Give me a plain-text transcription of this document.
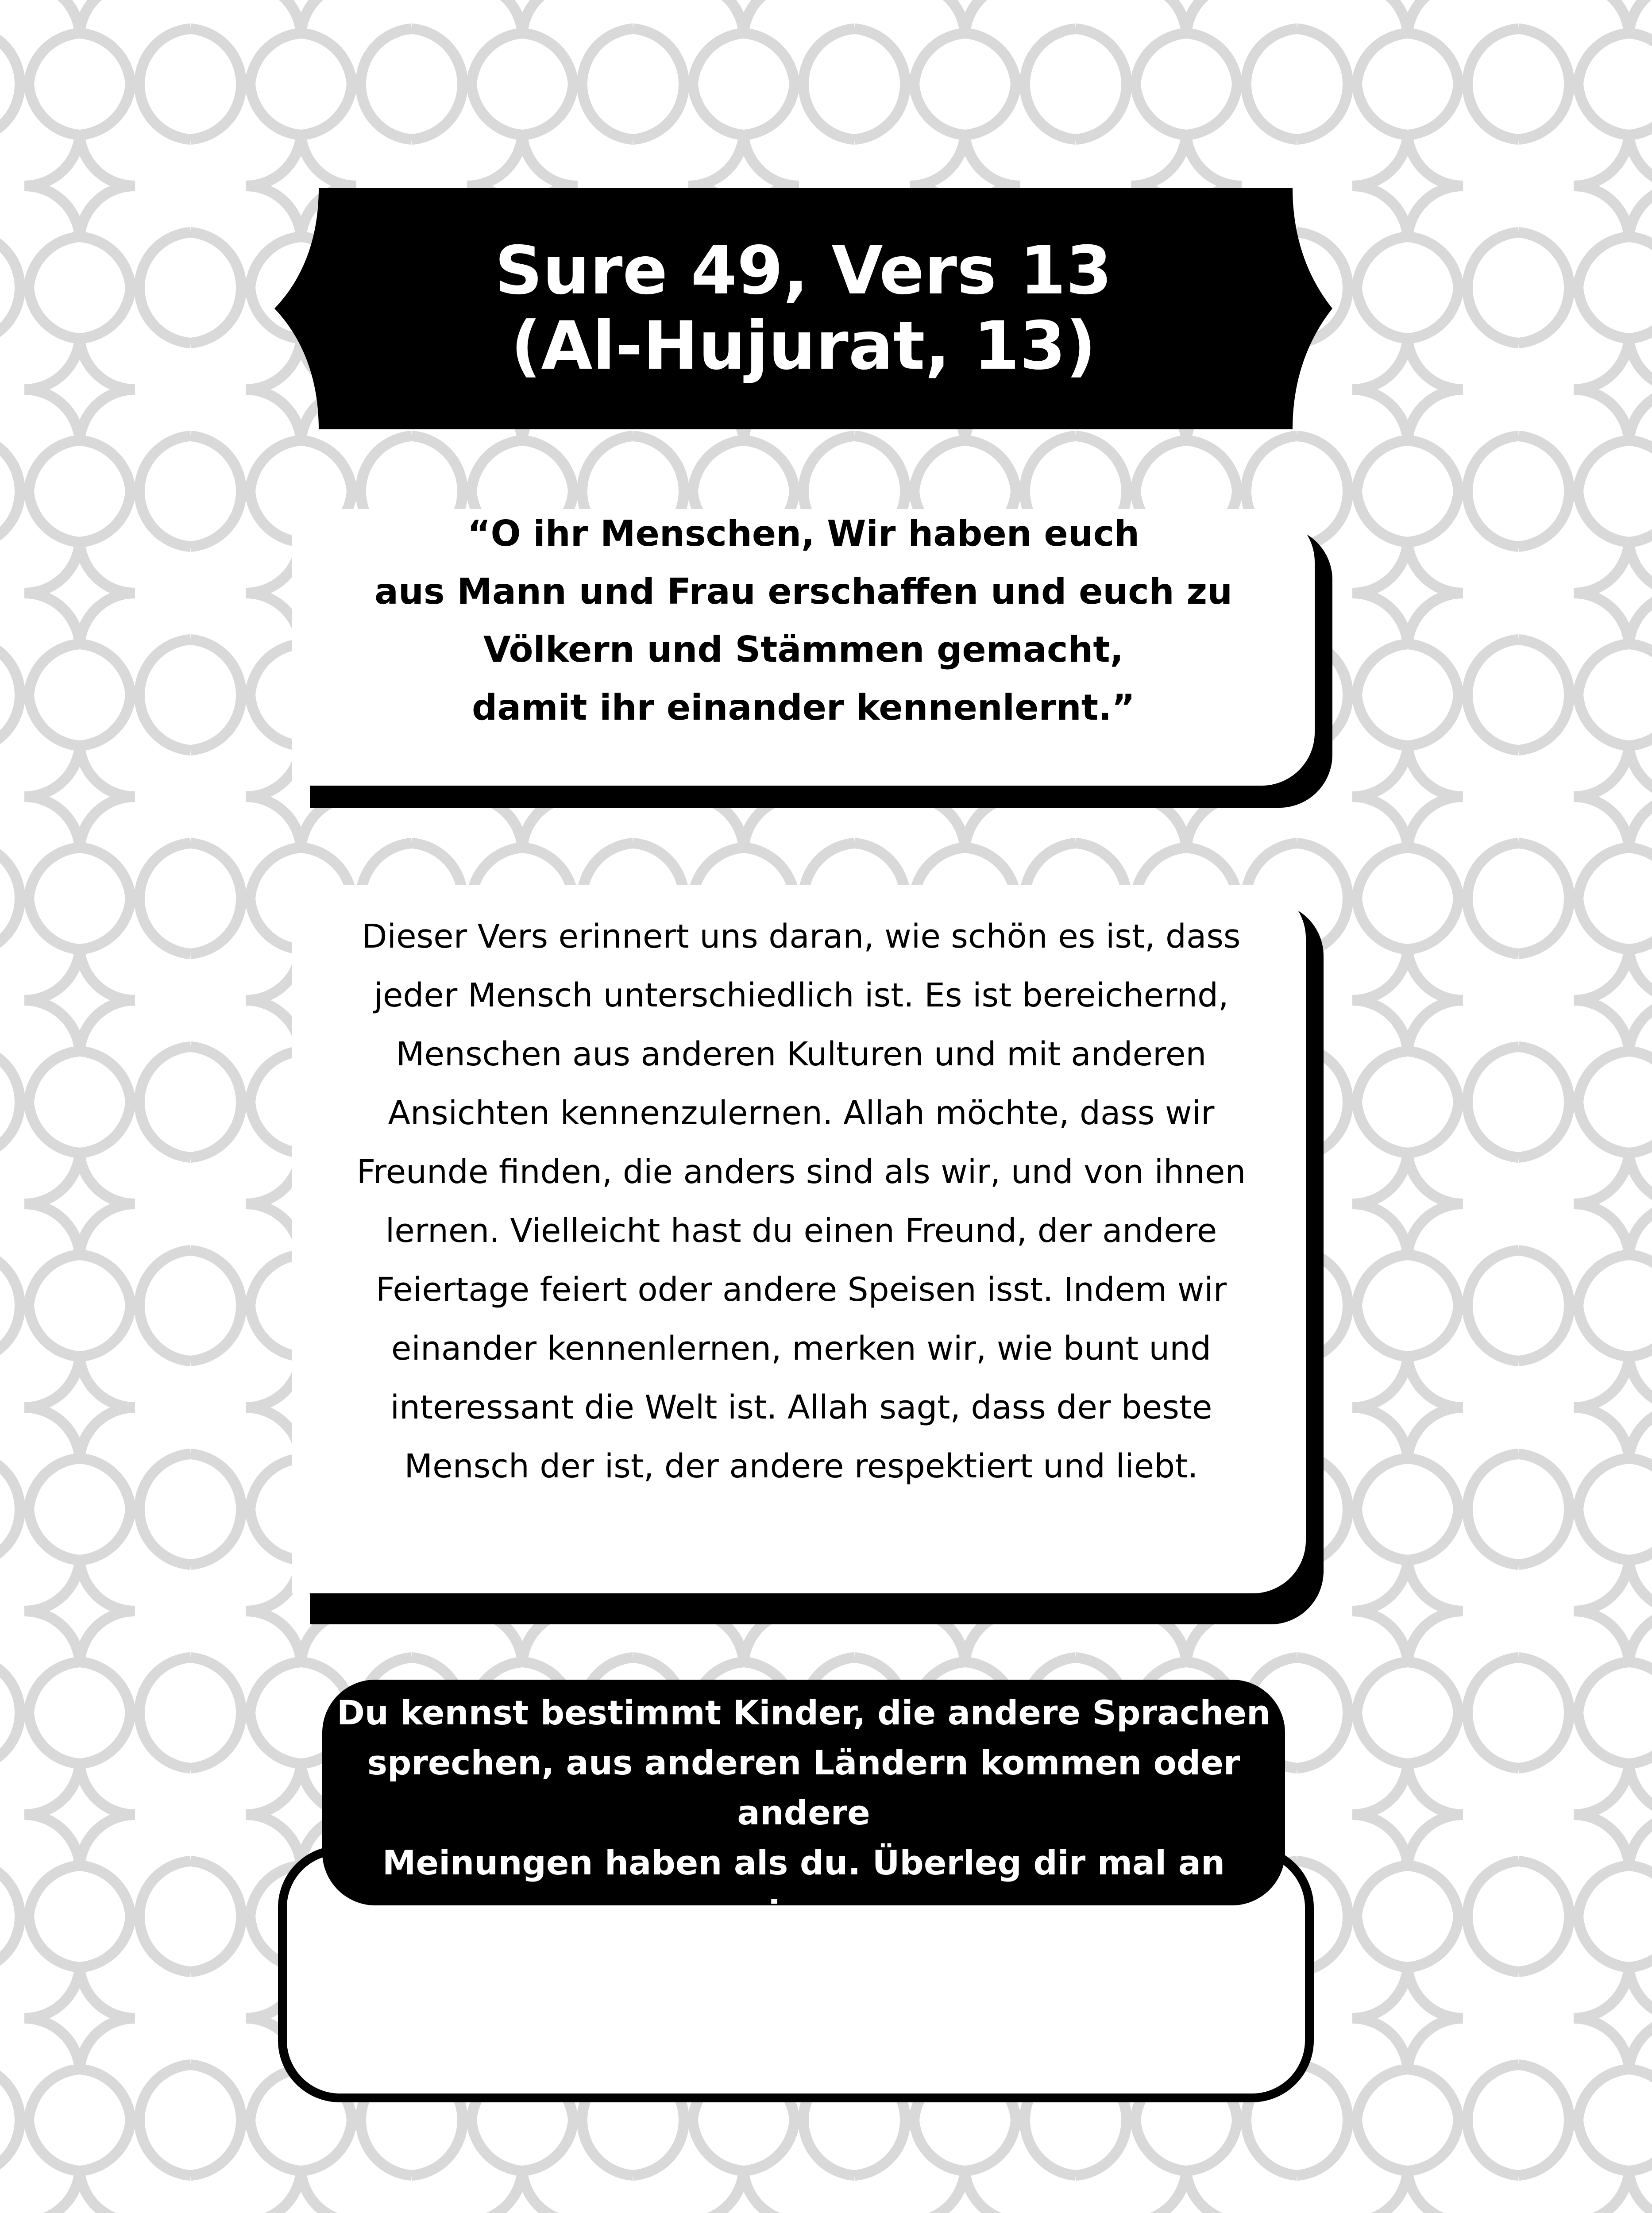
Sure 49, Vers 13
(Al-Hujurat, 13)
“O ihr Menschen, Wir haben euch
aus Mann und Frau erschaffen und euch zu
Völkern und Stämmen gemacht,
damit ihr einander kennenlernt.”
Dieser Vers erinnert uns daran, wie schön es ist, dass
jeder Mensch unterschiedlich ist. Es ist bereichernd,
Menschen aus anderen Kulturen und mit anderen
Ansichten kennenzulernen. Allah möchte, dass wir
Freunde finden, die anders sind als wir, und von ihnen
lernen. Vielleicht hast du einen Freund, der andere
Feiertage feiert oder andere Speisen isst. Indem wir
einander kennenlernen, merken wir, wie bunt und
interessant die Welt ist. Allah sagt, dass der beste
Mensch der ist, der andere respektiert und liebt.
Du kennst bestimmt Kinder, die andere Sprachen
sprechen, aus anderen Ländern kommen oder andere
Meinungen haben als du. Überleg dir mal an einem
Beispiel: Was ist daran gut?
